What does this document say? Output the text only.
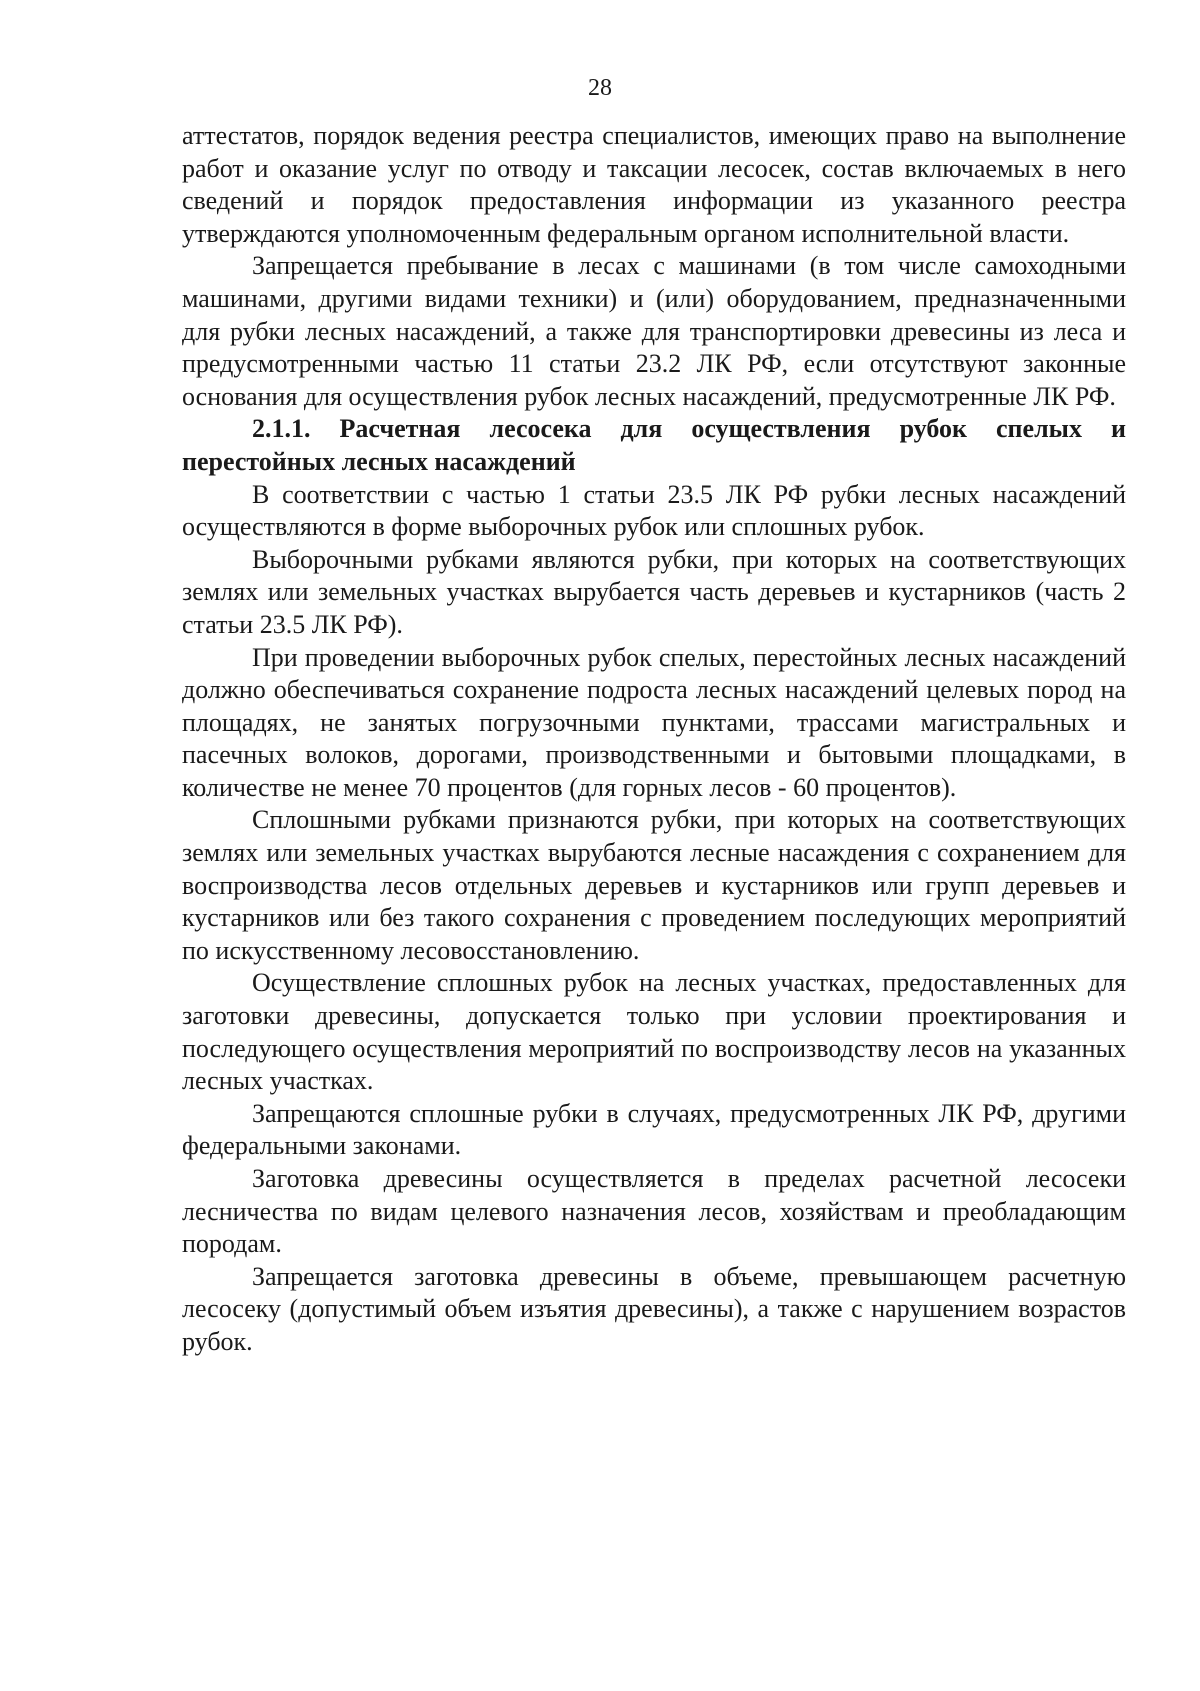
28

аттестатов, порядок ведения реестра специалистов, имеющих право на выполнение работ и оказание услуг по отводу и таксации лесосек, состав включаемых в него сведений и порядок предоставления информации из указанного реестра утверждаются уполномоченным федеральным органом исполнительной власти.

Запрещается пребывание в лесах с машинами (в том числе самоходными машинами, другими видами техники) и (или) оборудованием, предназначенными для рубки лесных насаждений, а также для транспортировки древесины из леса и предусмотренными частью 11 статьи 23.2 ЛК РФ, если отсутствуют законные основания для осуществления рубок лесных насаждений, предусмотренные ЛК РФ.

2.1.1. Расчетная лесосека для осуществления рубок спелых и перестойных лесных насаждений

В соответствии с частью 1 статьи 23.5 ЛК РФ рубки лесных насаждений осуществляются в форме выборочных рубок или сплошных рубок.

Выборочными рубками являются рубки, при которых на соответствующих землях или земельных участках вырубается часть деревьев и кустарников (часть 2 статьи 23.5 ЛК РФ).

При проведении выборочных рубок спелых, перестойных лесных насаждений должно обеспечиваться сохранение подроста лесных насаждений целевых пород на площадях, не занятых погрузочными пунктами, трассами магистральных и пасечных волоков, дорогами, производственными и бытовыми площадками, в количестве не менее 70 процентов (для горных лесов - 60 процентов).

Сплошными рубками признаются рубки, при которых на соответствующих землях или земельных участках вырубаются лесные насаждения с сохранением для воспроизводства лесов отдельных деревьев и кустарников или групп деревьев и кустарников или без такого сохранения с проведением последующих мероприятий по искусственному лесовосстановлению.

Осуществление сплошных рубок на лесных участках, предоставленных для заготовки древесины, допускается только при условии проектирования и последующего осуществления мероприятий по воспроизводству лесов на указанных лесных участках.

Запрещаются сплошные рубки в случаях, предусмотренных ЛК РФ, другими федеральными законами.

Заготовка древесины осуществляется в пределах расчетной лесосеки лесничества по видам целевого назначения лесов, хозяйствам и преобладающим породам.

Запрещается заготовка древесины в объеме, превышающем расчетную лесосеку (допустимый объем изъятия древесины), а также с нарушением возрастов рубок.
